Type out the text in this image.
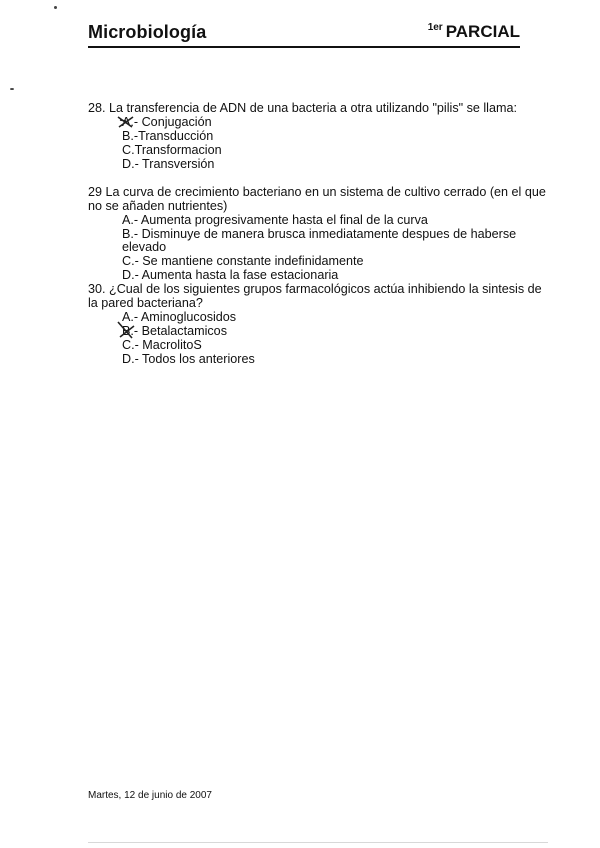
Microbiología	$^{1er}$ PARCIAL
28. La transferencia de ADN de una bacteria a otra utilizando "pilis" se llama:
A.- Conjugación
B.-Transducción
C.Transformacion
D.- Transversión
29 La curva de crecimiento bacteriano en un sistema de cultivo cerrado (en el que no se añaden nutrientes)
A.- Aumenta progresivamente hasta el final de la curva
B.- Disminuye de manera brusca inmediatamente despues de haberse
elevado
C.- Se mantiene constante indefinidamente
D.- Aumenta hasta la fase estacionaria
30. ¿Cual de los siguientes grupos farmacológicos actúa inhibiendo la sintesis de la pared bacteriana?
A.- Aminoglucosidos
B.- Betalactamicos
C.- MacrolitoS
D.- Todos los anteriores
Martes, 12 de junio de 2007
